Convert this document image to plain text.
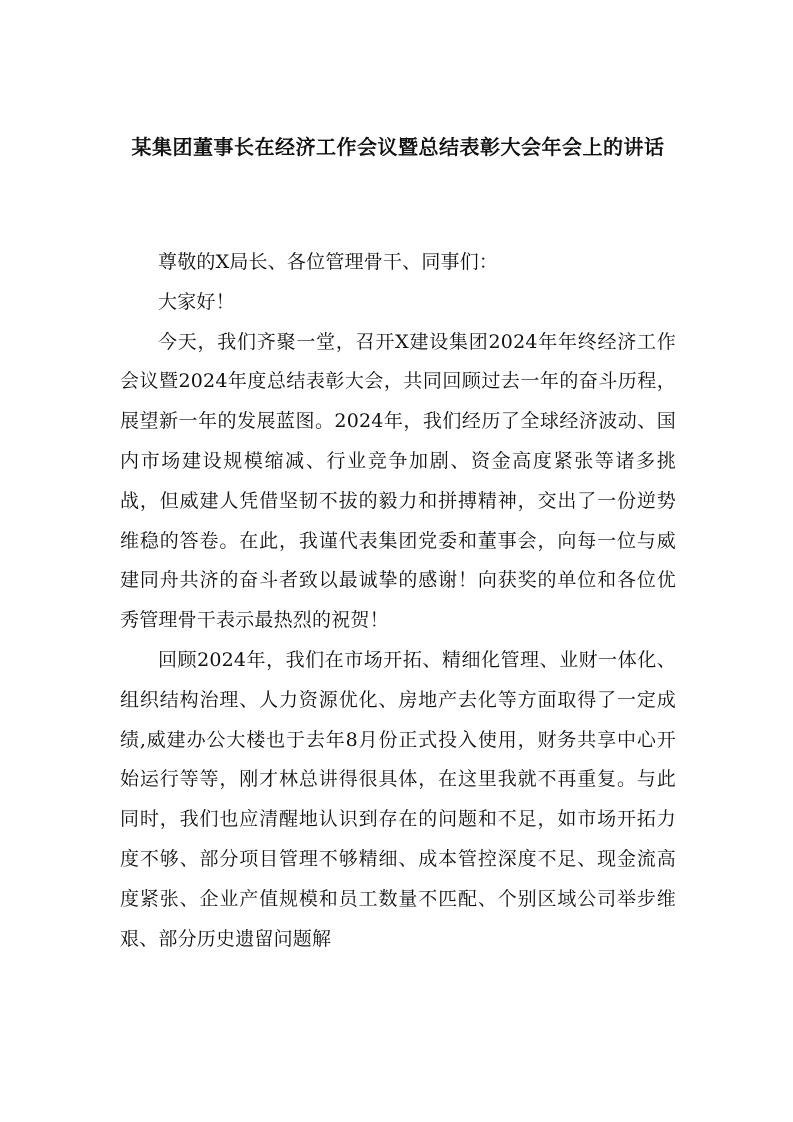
某集团董事长在经济工作会议暨总结表彰大会年会上的讲话

尊敬的X局长、各位管理骨干、同事们：

大家好！

今天，我们齐聚一堂，召开X建设集团2024年年终经济工作会议暨2024年度总结表彰大会，共同回顾过去一年的奋斗历程，展望新一年的发展蓝图。2024年，我们经历了全球经济波动、国内市场建设规模缩减、行业竞争加剧、资金高度紧张等诸多挑战，但威建人凭借坚韧不拔的毅力和拼搏精神，交出了一份逆势维稳的答卷。在此，我谨代表集团党委和董事会，向每一位与威建同舟共济的奋斗者致以最诚挚的感谢！向获奖的单位和各位优秀管理骨干表示最热烈的祝贺！

回顾2024年，我们在市场开拓、精细化管理、业财一体化、组织结构治理、人力资源优化、房地产去化等方面取得了一定成绩,威建办公大楼也于去年8月份正式投入使用，财务共享中心开始运行等等，刚才林总讲得很具体，在这里我就不再重复。与此同时，我们也应清醒地认识到存在的问题和不足，如市场开拓力度不够、部分项目管理不够精细、成本管控深度不足、现金流高度紧张、企业产值规模和员工数量不匹配、个别区域公司举步维艰、部分历史遗留问题解
